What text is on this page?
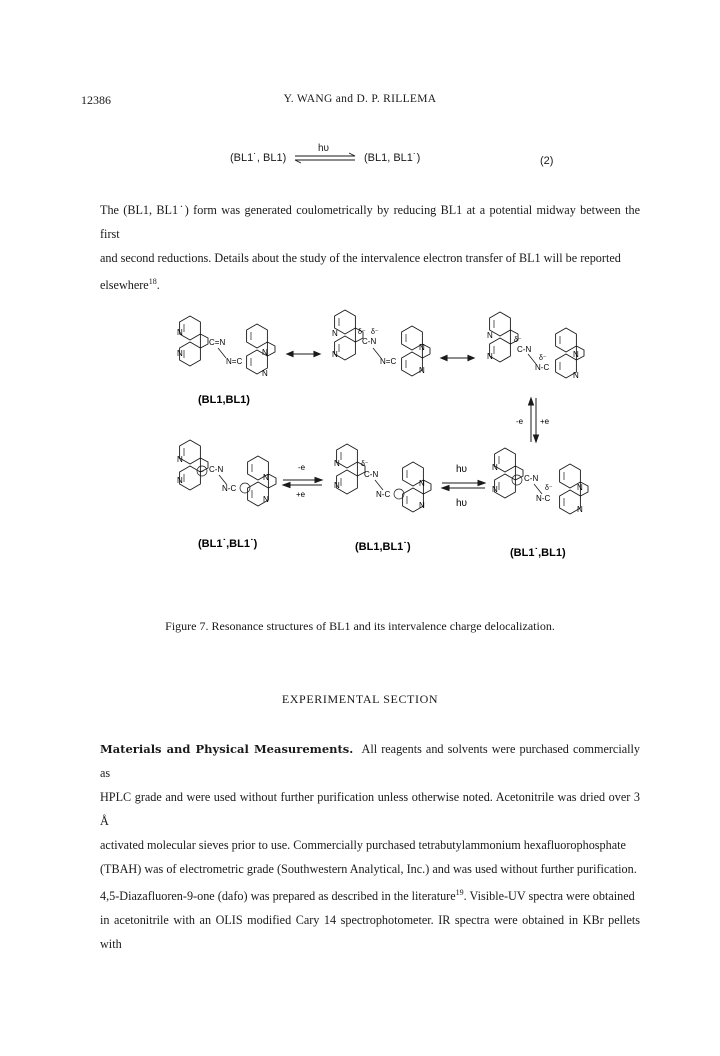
12386	Y. WANG and D. P. RILLEMA
(BL1˙, BL1)
hυ
(BL1, BL1˙)	(2)

The (BL1, BL1˙) form was generated coulometrically by reducing BL1 at a potential midway between the first

and second reductions. Details about the study of the intervalence electron transfer of BL1 will be reported

elsewhere$^{18}$.

N
N
C=N
N=C
N
N
N
N
δ⁻ δ⁻
C-N
N=C
N
N
N
N
δ⁻
C-N
δ⁻
N-C
N
N
(BL1,BL1)
-e +e
N
N
− C-N
N-C
N
N
-e
+e
N
N
δ⁻
C-N
N-C
N
N
hυ
hυ
N
N
C-N
δ⁻
N-C
N
N
(BL1˙,BL1˙)	(BL1,BL1˙)	(BL1˙,BL1)
Figure 7. Resonance structures of BL1 and its intervalence charge delocalization.
EXPERIMENTAL SECTION

Materials and Physical Measurements. All reagents and solvents were purchased commercially as

HPLC grade and were used without further purification unless otherwise noted. Acetonitrile was dried over 3 Å

activated molecular sieves prior to use. Commercially purchased tetrabutylammonium hexafluorophosphate

(TBAH) was of electrometric grade (Southwestern Analytical, Inc.) and was used without further purification.

4,5-Diazafluoren-9-one (dafo) was prepared as described in the literature$^{19}$. Visible-UV spectra were obtained

in acetonitrile with an OLIS modified Cary 14 spectrophotometer. IR spectra were obtained in KBr pellets with
